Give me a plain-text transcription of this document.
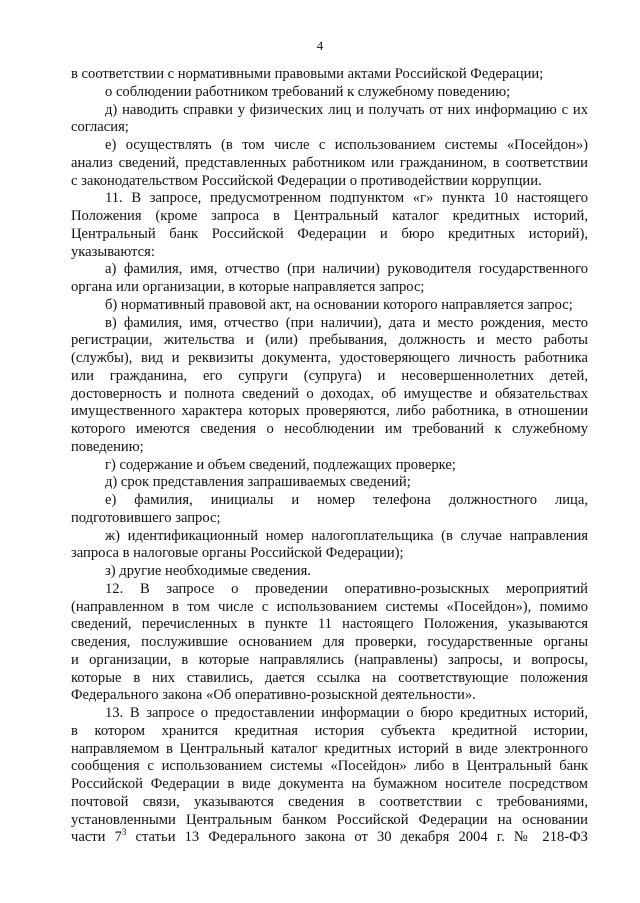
4

в соответствии с нормативными правовыми актами Российской Федерации;

о соблюдении работником требований к служебному поведению;

д) наводить справки у физических лиц и получать от них информацию с их

согласия;

е) осуществлять (в том числе с использованием системы «Посейдон»)

анализ сведений, представленных работником или гражданином, в соответствии

с законодательством Российской Федерации о противодействии коррупции.

11. В запросе, предусмотренном подпунктом «г» пункта 10 настоящего

Положения (кроме запроса в Центральный каталог кредитных историй,

Центральный банк Российской Федерации и бюро кредитных историй),

указываются:

а) фамилия, имя, отчество (при наличии) руководителя государственного

органа или организации, в которые направляется запрос;

б) нормативный правовой акт, на основании которого направляется запрос;

в) фамилия, имя, отчество (при наличии), дата и место рождения, место

регистрации, жительства и (или) пребывания, должность и место работы

(службы), вид и реквизиты документа, удостоверяющего личность работника

или гражданина, его супруги (супруга) и несовершеннолетних детей,

достоверность и полнота сведений о доходах, об имуществе и обязательствах

имущественного характера которых проверяются, либо работника, в отношении

которого имеются сведения о несоблюдении им требований к служебному

поведению;

г) содержание и объем сведений, подлежащих проверке;

д) срок представления запрашиваемых сведений;

е) фамилия, инициалы и номер телефона должностного лица,

подготовившего запрос;

ж) идентификационный номер налогоплательщика (в случае направления

запроса в налоговые органы Российской Федерации);

з) другие необходимые сведения.

12. В запросе о проведении оперативно-розыскных мероприятий

(направленном в том числе с использованием системы «Посейдон»), помимо

сведений, перечисленных в пункте 11 настоящего Положения, указываются

сведения, послужившие основанием для проверки, государственные органы

и организации, в которые направлялись (направлены) запросы, и вопросы,

которые в них ставились, дается ссылка на соответствующие положения

Федерального закона «Об оперативно-розыскной деятельности».

13. В запросе о предоставлении информации о бюро кредитных историй,

в котором хранится кредитная история субъекта кредитной истории,

направляемом в Центральный каталог кредитных историй в виде электронного

сообщения с использованием системы «Посейдон» либо в Центральный банк

Российской Федерации в виде документа на бумажном носителе посредством

почтовой связи, указываются сведения в соответствии с требованиями,

установленными Центральным банком Российской Федерации на основании

части $7^3$ статьи 13 Федерального закона от 30 декабря 2004 г. № 218-ФЗ
